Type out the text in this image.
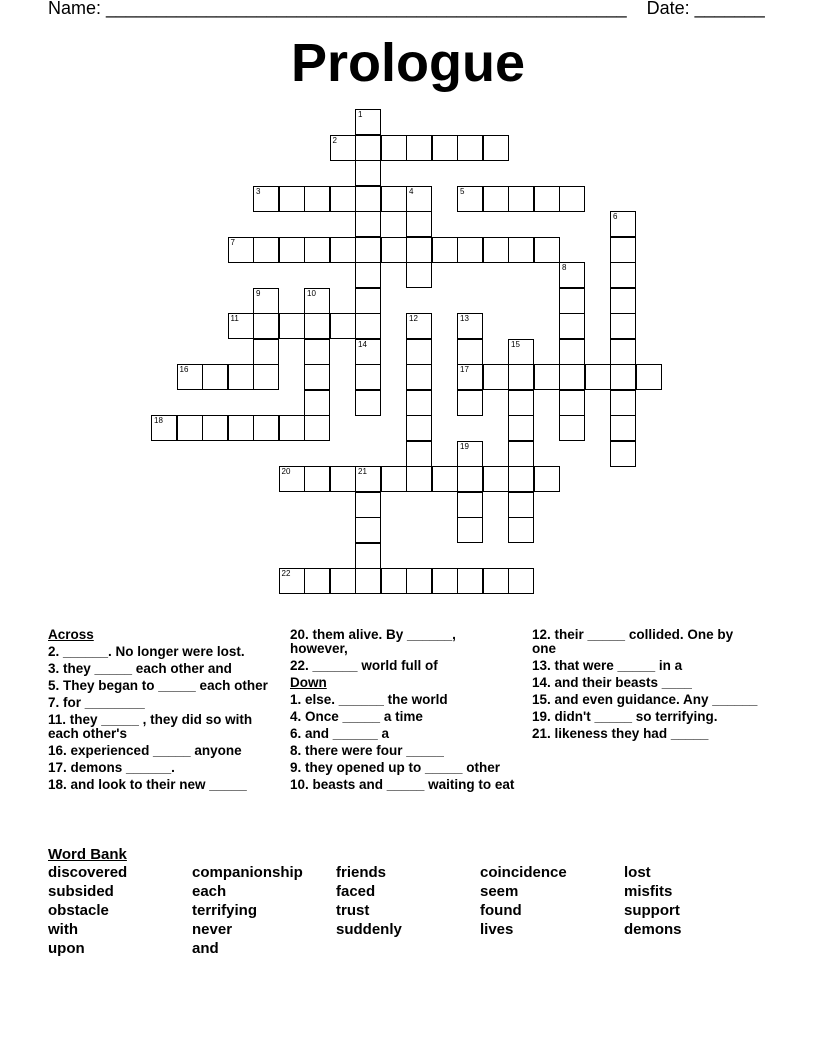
Name: ____________________________________________________ Date: _______
Prologue
1
2
3	4	5
6
7
8
9	10
11	12	13
17
14	15
16
18
19
20	21
22
Across
2. ______. No longer were lost.
3. they _____ each other and
5. They began to _____ each other
7. for ________
11. they _____ , they did so with each other's
16. experienced _____ anyone
17. demons ______.
18. and look to their new _____
20. them alive. By ______, however,
22. ______ world full of
Down
1. else. ______ the world
4. Once _____ a time
6. and ______ a
8. there were four _____
9. they opened up to _____ other
10. beasts and _____ waiting to eat
12. their _____ collided. One by one
13. that were _____ in a
14. and their beasts ____
15. and even guidance. Any ______
19. didn't _____ so terrifying.
21. likeness they had _____
Word Bank
discovered	companionship	friends	coincidence	lost
subsided	each	faced	seem	misfits
obstacle	terrifying	trust	found	support
with	never	suddenly	lives	demons
upon	and
